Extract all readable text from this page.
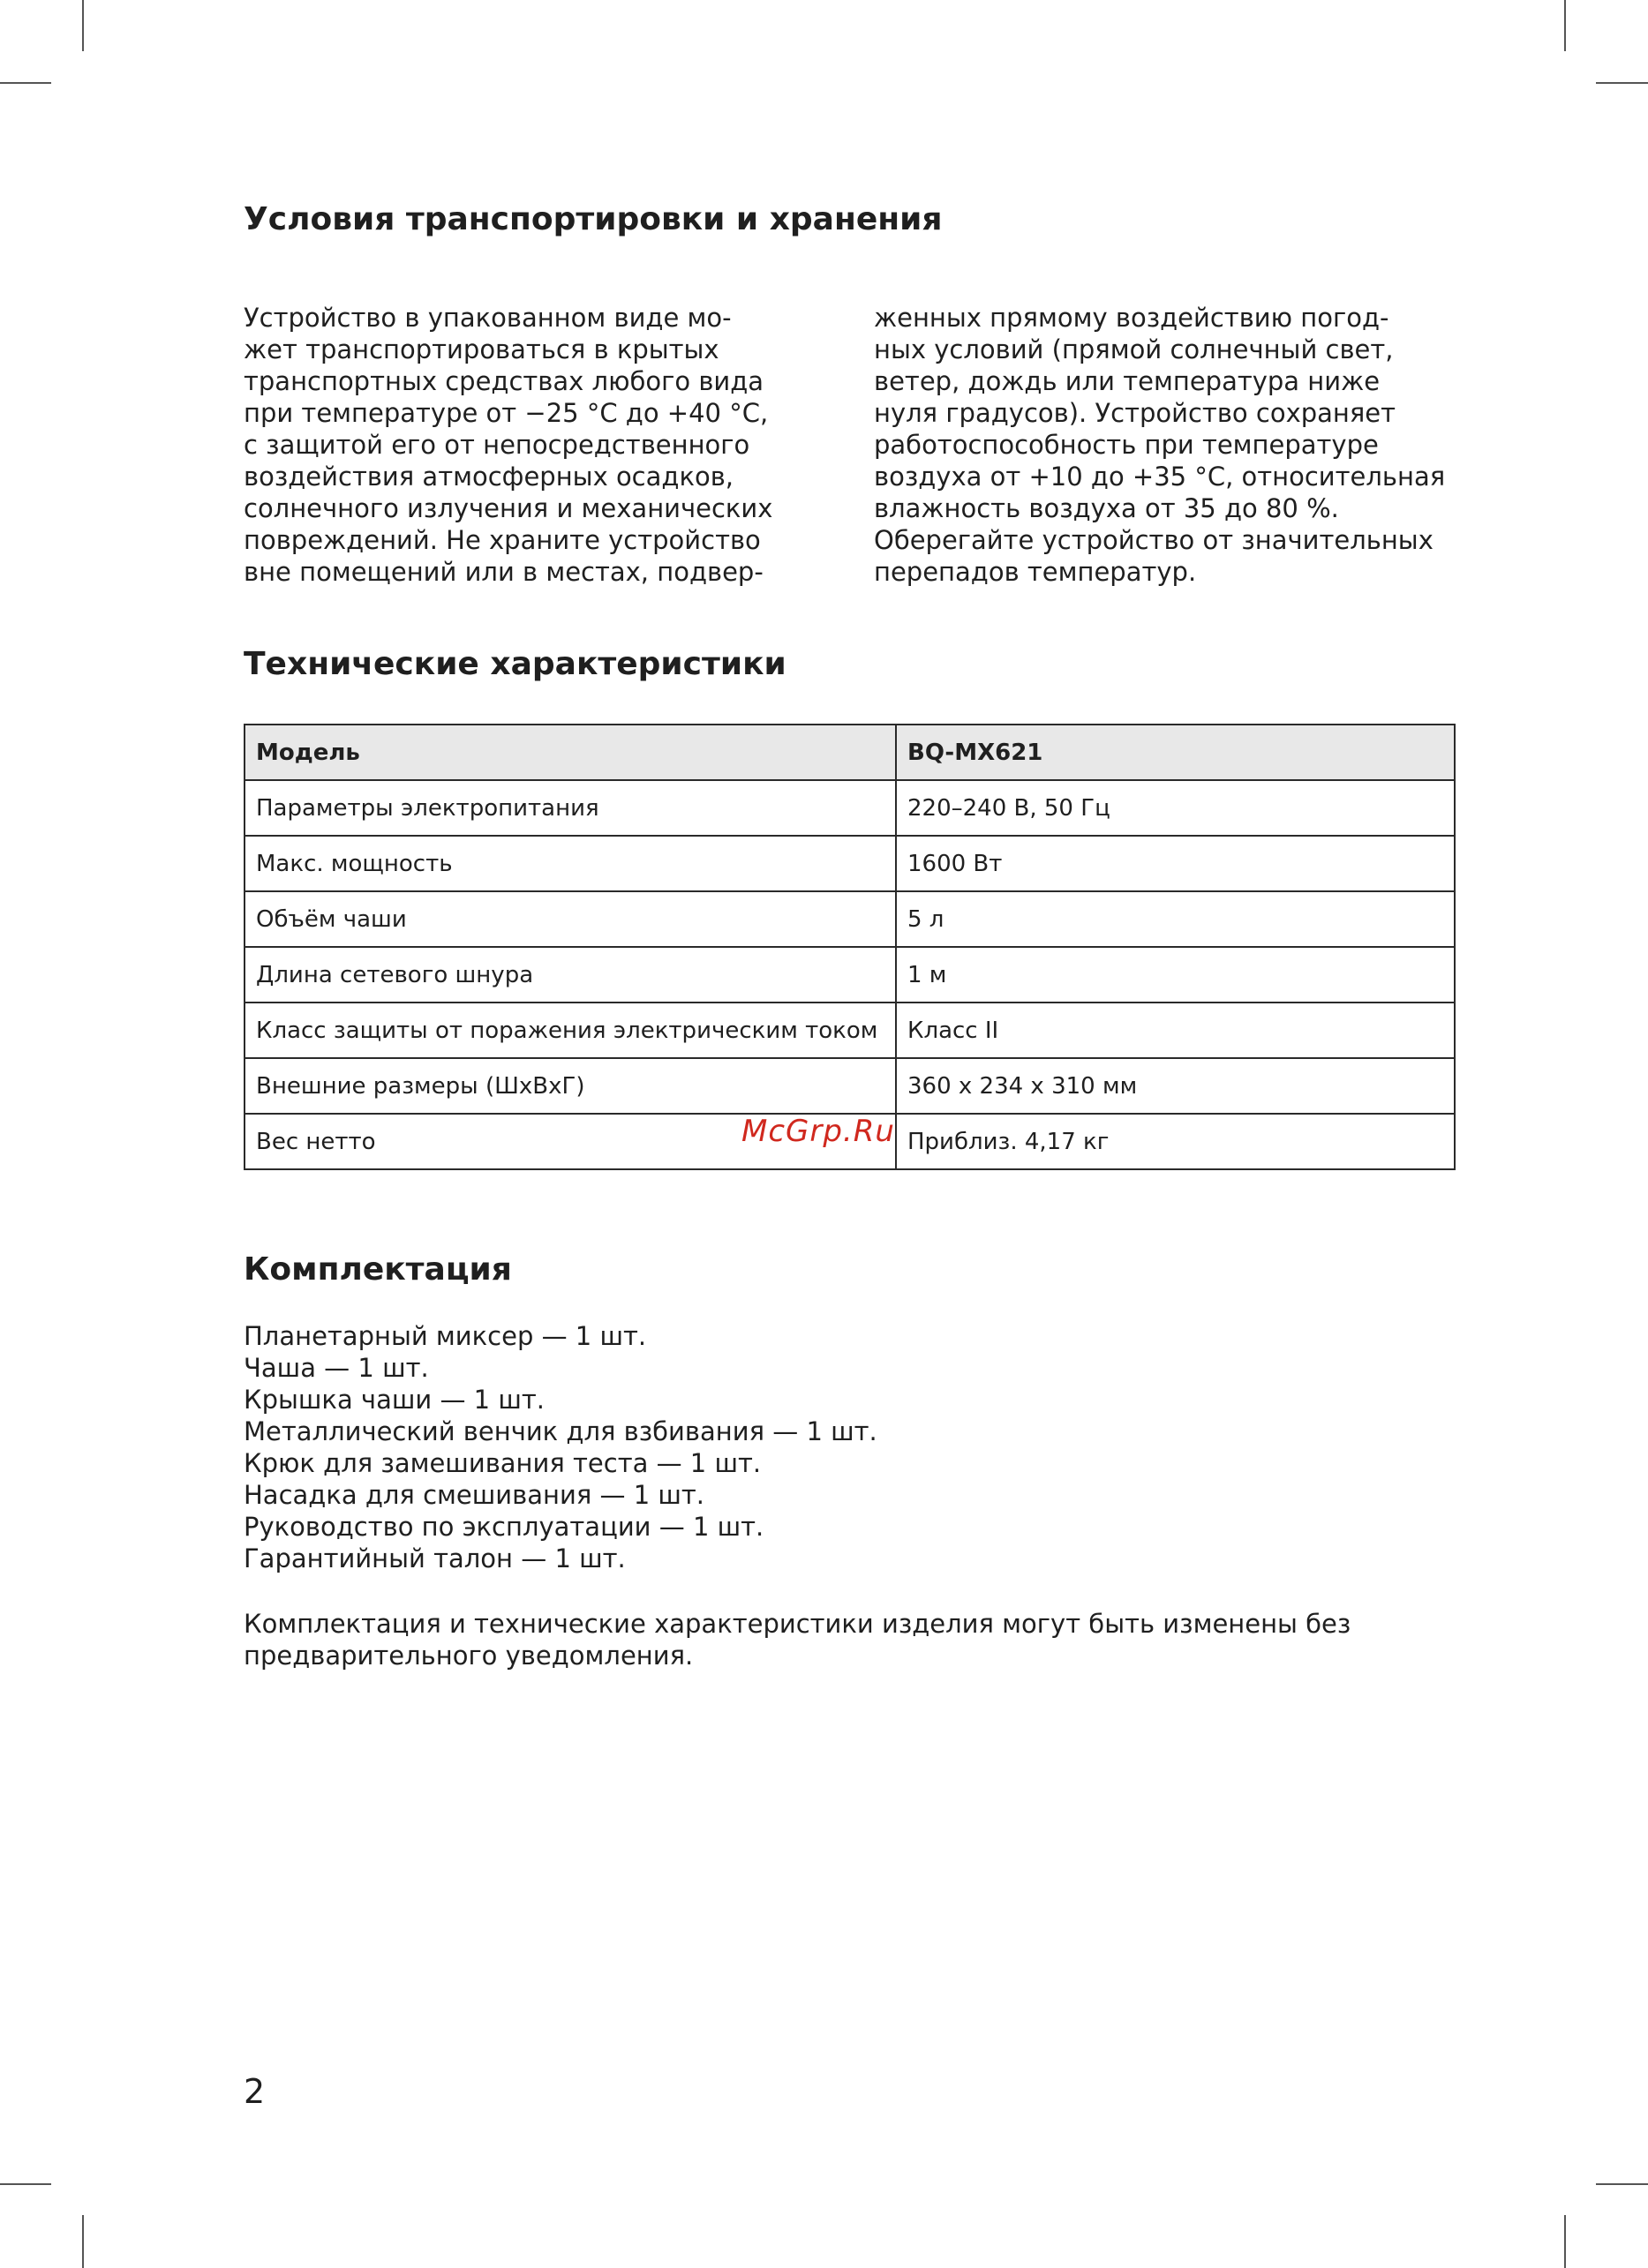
Условия транспортировки и хранения
Устройство в упакованном виде мо-
жет транспортироваться в крытых
транспортных средствах любого вида
при температуре от −25 °C до +40 °C,
с защитой его от непосредственного
воздействия атмосферных осадков,
солнечного излучения и механических
повреждений. Не храните устройство
вне помещений или в местах, подвер-
женных прямому воздействию погод-
ных условий (прямой солнечный свет,
ветер, дождь или температура ниже
нуля градусов). Устройство сохраняет
работоспособность при температуре
воздуха от +10 до +35 °C, относительная
влажность воздуха от 35 до 80 %.
Оберегайте устройство от значительных
перепадов температур.
Технические характеристики
Модель	BQ-MX621
Параметры электропитания	220–240 В, 50 Гц
Макс. мощность	1600 Вт
Объём чаши	5 л
Длина сетевого шнура	1 м
Класс защиты от поражения электрическим током	Класс II
Внешние размеры (ШхВхГ)	360 x 234 x 310 мм
Вес нетто	Приблиз. 4,17 кг
Комплектация
Планетарный миксер — 1 шт.
Чаша — 1 шт.
Крышка чаши — 1 шт.
Металлический венчик для взбивания — 1 шт.
Крюк для замешивания теста — 1 шт.
Насадка для смешивания — 1 шт.
Руководство по эксплуатации — 1 шт.
Гарантийный талон — 1 шт.
Комплектация и технические характеристики изделия могут быть изменены без предварительного уведомления.
McGrp.Ru
2
